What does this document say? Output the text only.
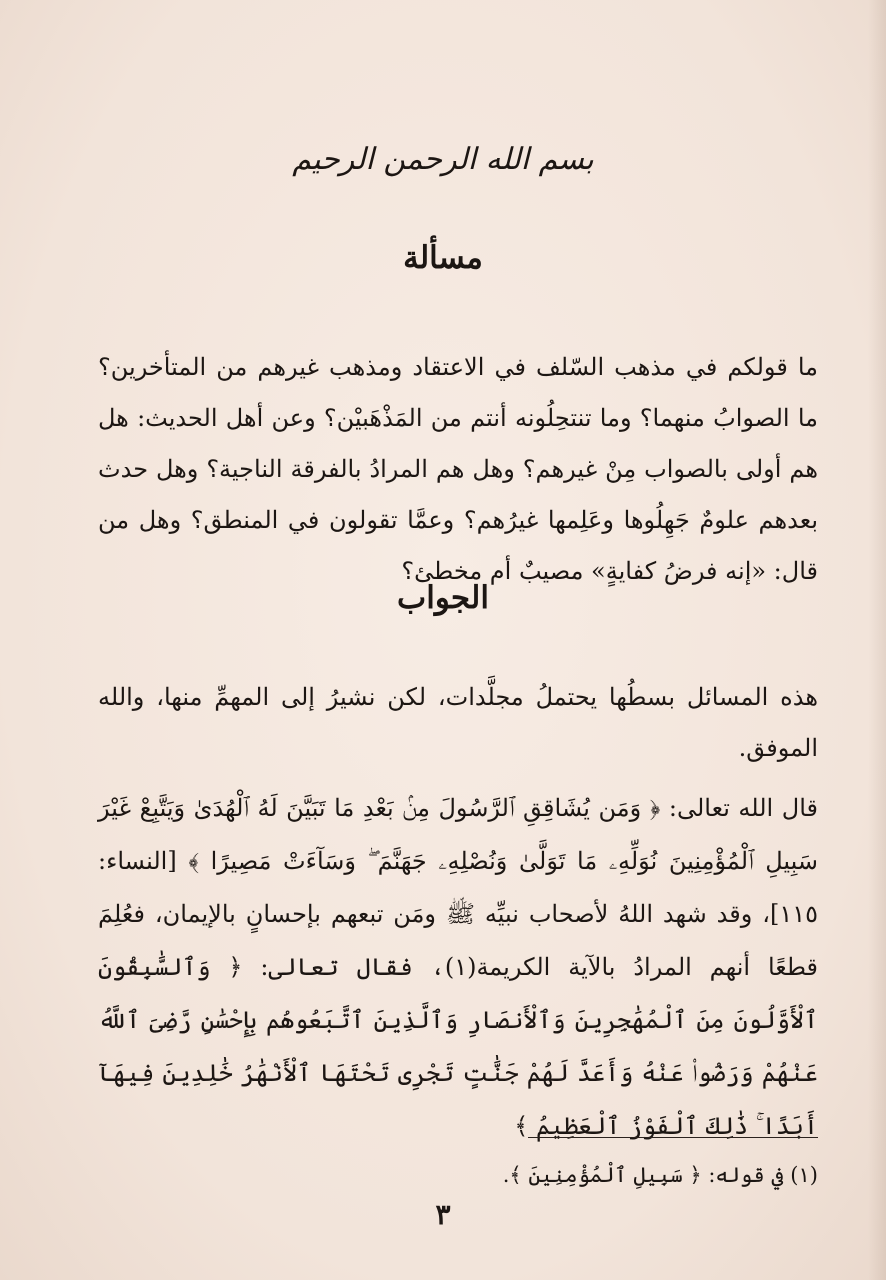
بسم الله الرحمن الرحيم
مسألة

ما قولكم في مذهب السّلف في الاعتقاد ومذهب غيرهم من المتأخرين؟ ما الصوابُ منهما؟ وما تنتحِلُونه أنتم من المَذْهَبيْن؟ وعن أهل الحديث: هل هم أولى بالصواب مِنْ غيرهم؟ وهل هم المرادُ بالفرقة الناجية؟ وهل حدث بعدهم علومٌ جَهِلُوها وعَلِمها غيرُهم؟ وعمَّا تقولون في المنطق؟ وهل من قال: «إنه فرضُ كفايةٍ» مصيبٌ أم مخطئ؟

الجواب

هذه المسائل بسطُها يحتملُ مجلَّدات، لكن نشيرُ إلى المهمِّ منها، والله الموفق.

قال الله تعالى: ﴿ وَمَن يُشَاقِقِ ٱلرَّسُولَ مِنۢ بَعْدِ مَا تَبَيَّنَ لَهُ ٱلْهُدَىٰ وَيَتَّبِعْ غَيْرَ سَبِيلِ ٱلْمُؤْمِنِينَ نُوَلِّهِۦ مَا تَوَلَّىٰ وَنُصْلِهِۦ جَهَنَّمَ ۖ وَسَآءَتْ مَصِيرًا ﴾ [النساء: ١١٥]، وقد شهد اللهُ لأصحاب نبيِّه ﷺ ومَن تبعهم بإحسانٍ بالإيمان، فعُلِمَ قطعًا أنهم المرادُ بالآية الكريمة(١)، فقال تعالى: ﴿ وَٱلسَّٰبِقُونَ ٱلْأَوَّلُونَ مِنَ ٱلْمُهَٰجِرِينَ وَٱلْأَنصَارِ وَٱلَّذِينَ ٱتَّبَعُوهُم بِإِحْسَٰنٍ رَّضِىَ ٱللَّهُ عَنْهُمْ وَرَضُوا۟ عَنْهُ وَأَعَدَّ لَهُمْ جَنَّٰتٍ تَجْرِى تَحْتَهَا ٱلْأَنْهَٰرُ خَٰلِدِينَ فِيهَآ أَبَدًا ۚ ذَٰلِكَ ٱلْفَوْزُ ٱلْعَظِيمُ ﴾

(١) في قوله: ﴿ سَبِيلِ ٱلْمُؤْمِنِينَ ﴾.
٣
